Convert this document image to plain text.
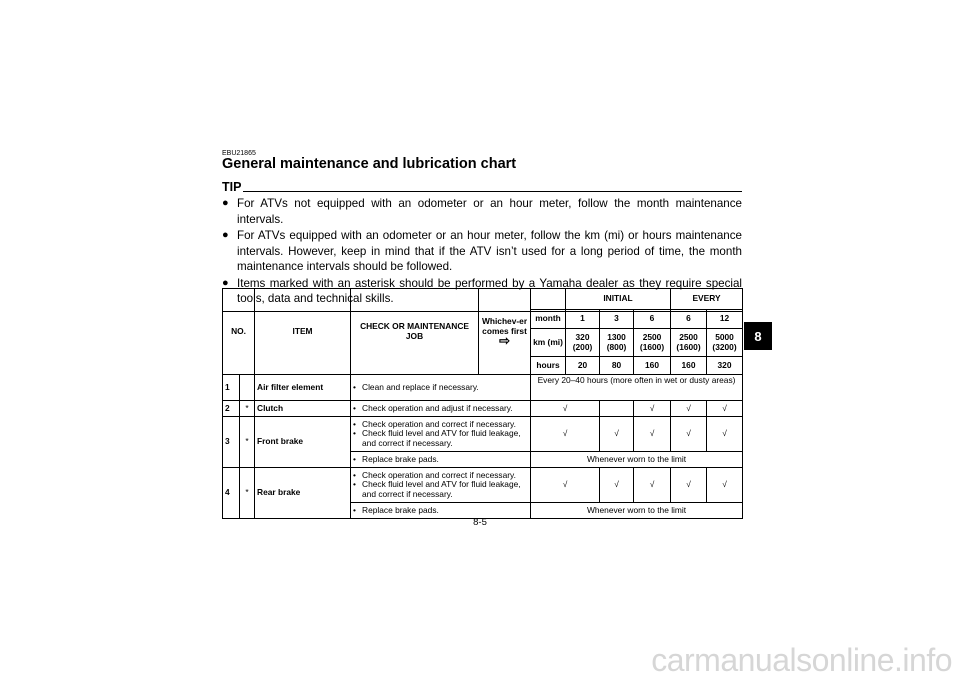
EBU21865
General maintenance and lubrication chart
TIP
● For ATVs not equipped with an odometer or an hour meter, follow the month maintenance intervals.
● For ATVs equipped with an odometer or an hour meter, follow the km (mi) or hours maintenance intervals. However, keep in mind that if the ATV isn’t used for a long period of time, the month maintenance intervals should be followed.
● Items marked with an asterisk should be performed by a Yamaha dealer as they require special tools, data and technical skills.
NO.		ITEM	CHECK OR MAINTENANCE JOB	Whichev-er comes first
⇨		INITIAL			EVERY	
					month	1	3	6	6	12
					km (mi)	320 (200)	1300 (800)	2500 (1600)	2500 (1600)	5000 (3200)
					hours	20	80	160	160	320
1		Air filter element	• Clean and replace if necessary.		Every 20–40 hours (more often in wet or dusty areas)					
2	*	Clutch	• Check operation and adjust if necessary.		√			√	√	√
3	*	Front brake	• Check operation and correct if necessary.
• Check fluid level and ATV for fluid leakage, and correct if necessary.		√		√	√	√	√

			• Replace brake pads.		Whenever worn to the limit					
4	*	Rear brake	• Check operation and correct if necessary.
• Check fluid level and ATV for fluid leakage, and correct if necessary.		√		√	√	√	√

			• Replace brake pads.		Whenever worn to the limit					
8
8-5
carmanualsonline.info
